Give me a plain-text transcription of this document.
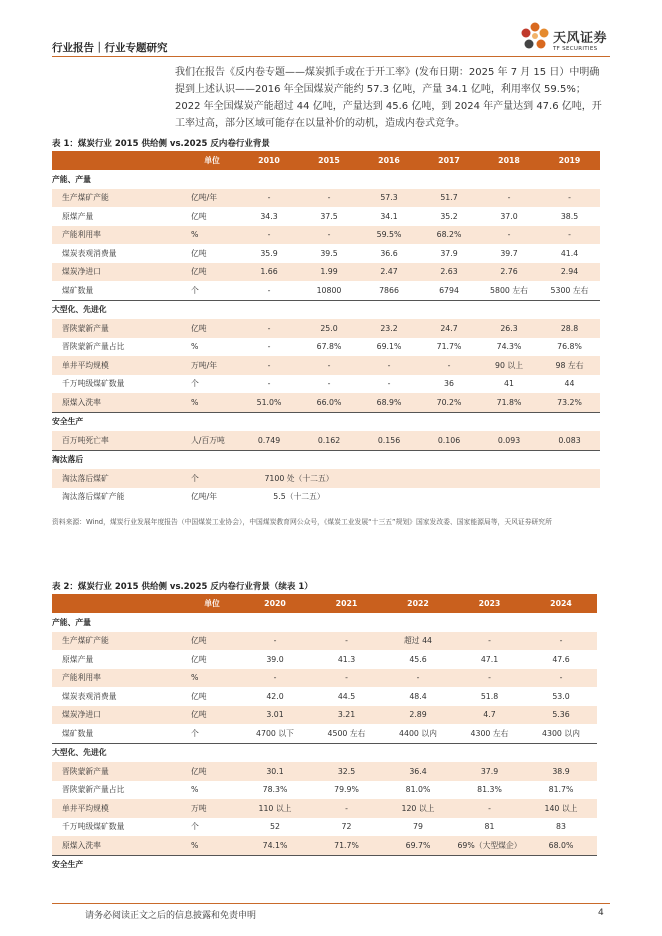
行业报告｜行业专题研究
天风证券
TF SECURITIES

我们在报告《反内卷专题——煤炭抓手或在于开工率》(发布日期：2025 年 7 月 15 日）中明确提到上述认识——2016 年全国煤炭产能约 57.3 亿吨，产量 34.1 亿吨，利用率仅 59.5%；2022 年全国煤炭产能超过 44 亿吨，产量达到 45.6 亿吨，到 2024 年产量达到 47.6 亿吨，开工率过高，部分区域可能存在以量补价的动机，造成内卷式竞争。

表 1：煤炭行业 2015 供给侧 vs.2025 反内卷行业背景
	单位	2010	2015	2016	2017	2018	2019
产能、产量							
生产煤矿产能	亿吨/年	-	-	57.3	51.7	-	-
原煤产量	亿吨	34.3	37.5	34.1	35.2	37.0	38.5
产能利用率	%	-	-	59.5%	68.2%	-	-
煤炭表观消费量	亿吨	35.9	39.5	36.6	37.9	39.7	41.4
煤炭净进口	亿吨	1.66	1.99	2.47	2.63	2.76	2.94
煤矿数量	个	-	10800	7866	6794	5800 左右	5300 左右
大型化、先进化							
晋陕蒙新产量	亿吨	-	25.0	23.2	24.7	26.3	28.8
晋陕蒙新产量占比	%	-	67.8%	69.1%	71.7%	74.3%	76.8%
单井平均规模	万吨/年	-	-	-	-	90 以上	98 左右
千万吨级煤矿数量	个	-	-	-	36	41	44
原煤入洗率	%	51.0%	66.0%	68.9%	70.2%	71.8%	73.2%
安全生产							
百万吨死亡率	人/百万吨	0.749	0.162	0.156	0.106	0.093	0.083
淘汰落后							
淘汰落后煤矿	个	7100 处（十二五）					
淘汰落后煤矿产能	亿吨/年	5.5（十二五）					
资料来源：Wind，煤炭行业发展年度报告（中国煤炭工业协会），中国煤炭教育网公众号，《煤炭工业发展“十三五”规划》国家发改委、国家能源局等，天风证券研究所
表 2：煤炭行业 2015 供给侧 vs.2025 反内卷行业背景（续表 1）
	单位	2020	2021	2022	2023	2024
产能、产量						
生产煤矿产能	亿吨	-	-	超过 44	-	-
原煤产量	亿吨	39.0	41.3	45.6	47.1	47.6
产能利用率	%	-	-	-	-	-
煤炭表观消费量	亿吨	42.0	44.5	48.4	51.8	53.0
煤炭净进口	亿吨	3.01	3.21	2.89	4.7	5.36
煤矿数量	个	4700 以下	4500 左右	4400 以内	4300 左右	4300 以内
大型化、先进化						
晋陕蒙新产量	亿吨	30.1	32.5	36.4	37.9	38.9
晋陕蒙新产量占比	%	78.3%	79.9%	81.0%	81.3%	81.7%
单井平均规模	万吨	110 以上	-	120 以上	-	140 以上
千万吨级煤矿数量	个	52	72	79	81	83
原煤入洗率	%	74.1%	71.7%	69.7%	69%（大型煤企）	68.0%
安全生产						
请务必阅读正文之后的信息披露和免责申明	4
